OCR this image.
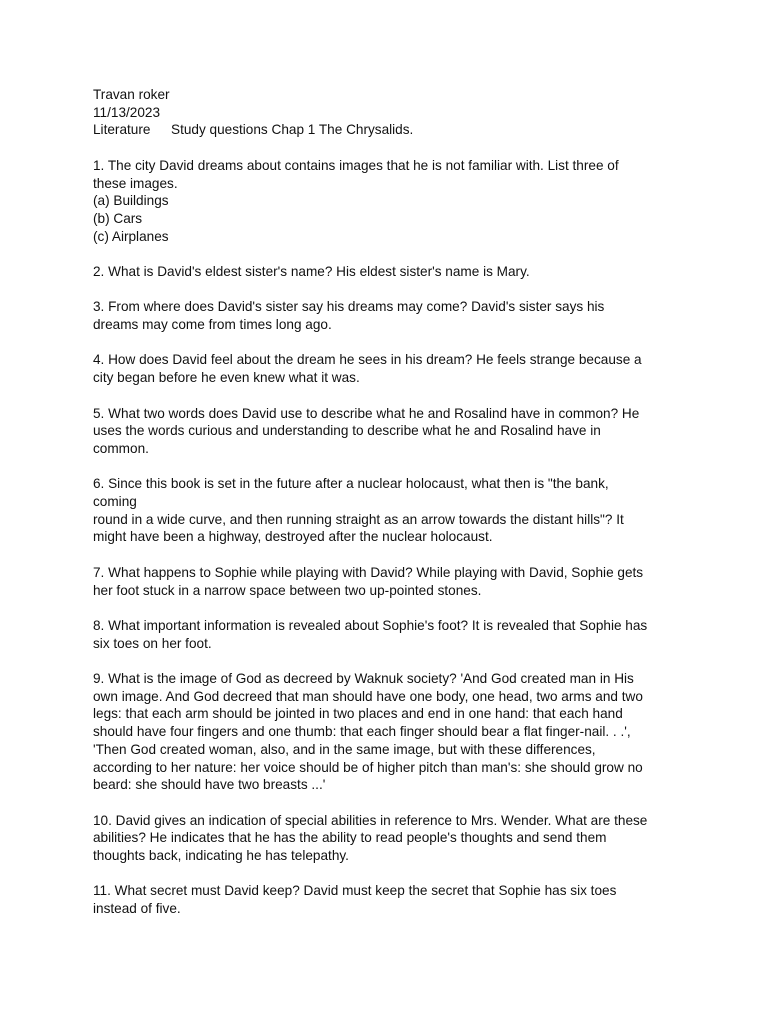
Travan roker
11/13/2023
Literature Study questions Chap 1 The Chrysalids.
1. The city David dreams about contains images that he is not familiar with. List three of
these images.
(a) Buildings
(b) Cars
(c) Airplanes
2. What is David's eldest sister's name? His eldest sister's name is Mary.
3. From where does David's sister say his dreams may come? David's sister says his
dreams may come from times long ago.
4. How does David feel about the dream he sees in his dream? He feels strange because a
city began before he even knew what it was.
5. What two words does David use to describe what he and Rosalind have in common? He
uses the words curious and understanding to describe what he and Rosalind have in
common.
6. Since this book is set in the future after a nuclear holocaust, what then is "the bank,
coming
round in a wide curve, and then running straight as an arrow towards the distant hills"? It
might have been a highway, destroyed after the nuclear holocaust.
7. What happens to Sophie while playing with David? While playing with David, Sophie gets
her foot stuck in a narrow space between two up-pointed stones.
8. What important information is revealed about Sophie's foot? It is revealed that Sophie has
six toes on her foot.
9. What is the image of God as decreed by Waknuk society? 'And God created man in His
own image. And God decreed that man should have one body, one head, two arms and two
legs: that each arm should be jointed in two places and end in one hand: that each hand
should have four fingers and one thumb: that each finger should bear a flat finger-nail. . .',
'Then God created woman, also, and in the same image, but with these differences,
according to her nature: her voice should be of higher pitch than man's: she should grow no
beard: she should have two breasts ...'
10. David gives an indication of special abilities in reference to Mrs. Wender. What are these
abilities? He indicates that he has the ability to read people's thoughts and send them
thoughts back, indicating he has telepathy.
11. What secret must David keep? David must keep the secret that Sophie has six toes
instead of five.
